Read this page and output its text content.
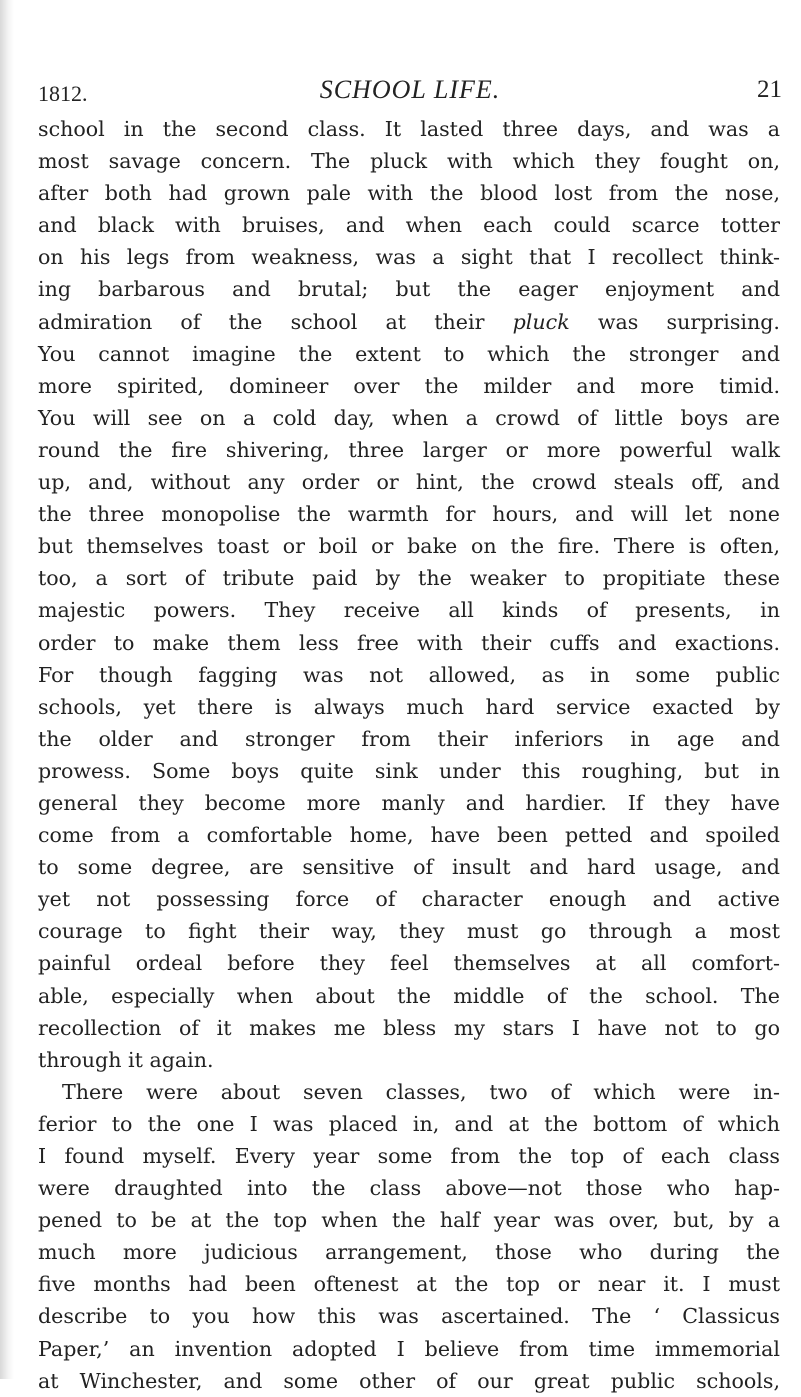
1812.	SCHOOL LIFE.	21
school in the second class. It lasted three days, and was a
most savage concern. The pluck with which they fought on,
after both had grown pale with the blood lost from the nose,
and black with bruises, and when each could scarce totter
on his legs from weakness, was a sight that I recollect think-
ing barbarous and brutal; but the eager enjoyment and
admiration of the school at their pluck was surprising.
You cannot imagine the extent to which the stronger and
more spirited, domineer over the milder and more timid.
You will see on a cold day, when a crowd of little boys are
round the fire shivering, three larger or more powerful walk
up, and, without any order or hint, the crowd steals off, and
the three monopolise the warmth for hours, and will let none
but themselves toast or boil or bake on the fire. There is often,
too, a sort of tribute paid by the weaker to propitiate these
majestic powers. They receive all kinds of presents, in
order to make them less free with their cuffs and exactions.
For though fagging was not allowed, as in some public
schools, yet there is always much hard service exacted by
the older and stronger from their inferiors in age and
prowess. Some boys quite sink under this roughing, but in
general they become more manly and hardier. If they have
come from a comfortable home, have been petted and spoiled
to some degree, are sensitive of insult and hard usage, and
yet not possessing force of character enough and active
courage to fight their way, they must go through a most
painful ordeal before they feel themselves at all comfort-
able, especially when about the middle of the school. The
recollection of it makes me bless my stars I have not to go
through it again.
There were about seven classes, two of which were in-
ferior to the one I was placed in, and at the bottom of which
I found myself. Every year some from the top of each class
were draughted into the class above—not those who hap-
pened to be at the top when the half year was over, but, by a
much more judicious arrangement, those who during the
five months had been oftenest at the top or near it. I must
describe to you how this was ascertained. The ‘ Classicus
Paper,’ an invention adopted I believe from time immemorial
at Winchester, and some other of our great public schools,
